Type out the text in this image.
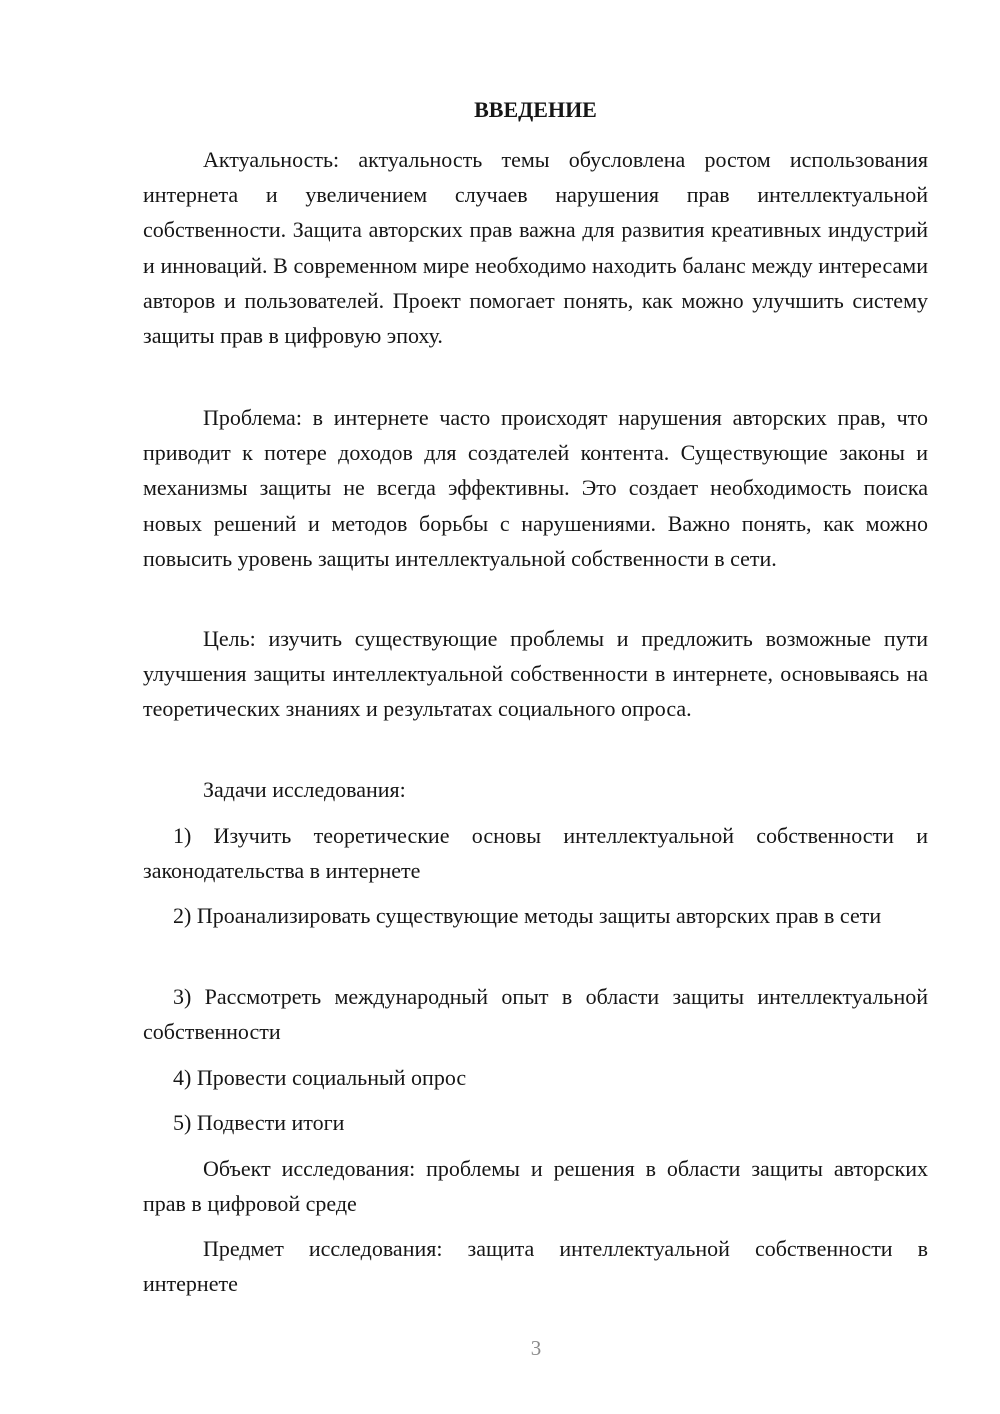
ВВЕДЕНИЕ

Актуальность: актуальность темы обусловлена ростом использования интернета и увеличением случаев нарушения прав интеллектуальной собственности. Защита авторских прав важна для развития креативных индустрий и инноваций. В современном мире необходимо находить баланс между интересами авторов и пользователей. Проект помогает понять, как можно улучшить систему защиты прав в цифровую эпоху.

Проблема: в интернете часто происходят нарушения авторских прав, что приводит к потере доходов для создателей контента. Существующие законы и механизмы защиты не всегда эффективны. Это создает необходимость поиска новых решений и методов борьбы с нарушениями. Важно понять, как можно повысить уровень защиты интеллектуальной собственности в сети.

Цель: изучить существующие проблемы и предложить возможные пути улучшения защиты интеллектуальной собственности в интернете, основываясь на теоретических знаниях и результатах социального опроса.

Задачи исследования:

1) Изучить теоретические основы интеллектуальной собственности и законодательства в интернете

2) Проанализировать существующие методы защиты авторских прав в сети

3) Рассмотреть международный опыт в области защиты интеллектуальной собственности

4) Провести социальный опрос

5) Подвести итоги

Объект исследования: проблемы и решения в области защиты авторских прав в цифровой среде

Предмет исследования: защита интеллектуальной собственности в интернете

3
